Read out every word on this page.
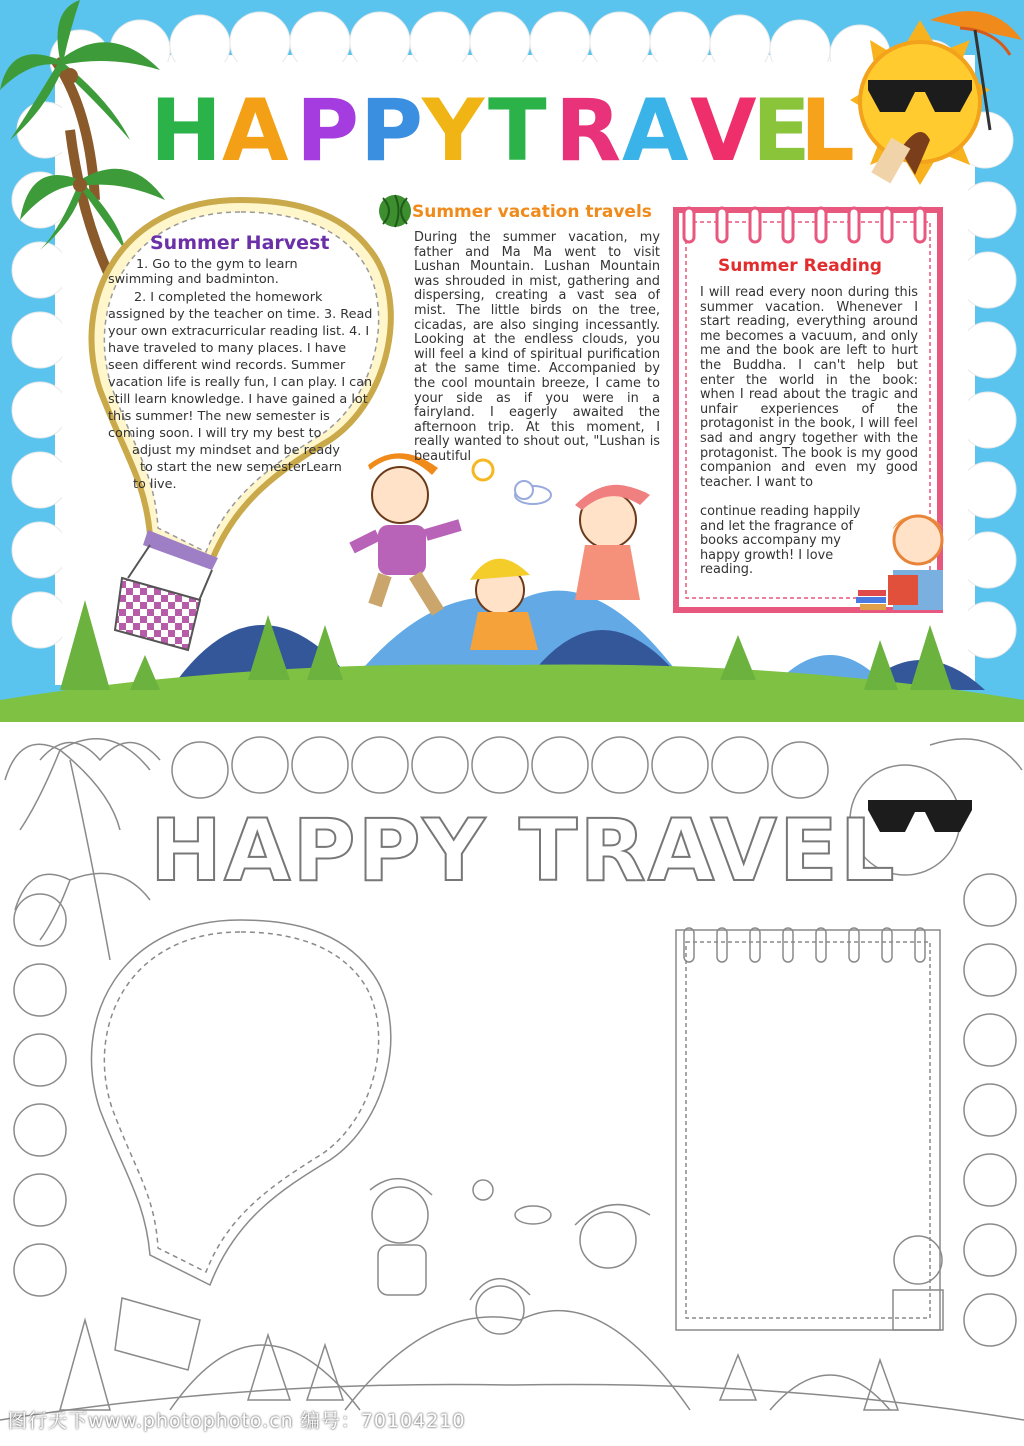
H A P P
Y T R A V
E
L
HAPPY TRAVEL
Summer Harvest
1. Go to the gym to learn
swimming and badminton.
2. I completed the homework
assigned by the teacher on time. 3. Read
your own extracurricular reading list. 4. I
have traveled to many places. I have
seen different wind records. Summer
vacation life is really fun, I can play. I can
still learn knowledge. I have gained a lot
this summer! The new semester is
coming soon. I will try my best to
adjust my mindset and be ready
to start the new semesterLearn
to live.
Summer vacation travels
During the summer vacation, my father and Ma Ma went to visit Lushan Mountain. Lushan Mountain was shrouded in mist, gathering and dispersing, creating a vast sea of mist. The little birds on the tree, cicadas, are also singing incessantly. Looking at the endless clouds, you will feel a kind of spiritual purification at the same time. Accompanied by the cool mountain breeze, I came to your side as if you were in a fairyland. I eagerly awaited the afternoon trip. At this moment, I really wanted to shout out, "Lushan is beautiful
Summer Reading
I will read every noon during this summer vacation. Whenever I start reading, everything around me becomes a vacuum, and only me and the book are left to hurt the Buddha. I can't help but enter the world in the book: when I read about the tragic and unfair experiences of the protagonist in the book, I will feel sad and angry together with the protagonist. The book is my good companion and even my good teacher. I want to
continue reading happily
and let the fragrance of
books accompany my
happy growth! I love
reading.
图行天下www.photophoto.cn 编号：70104210
